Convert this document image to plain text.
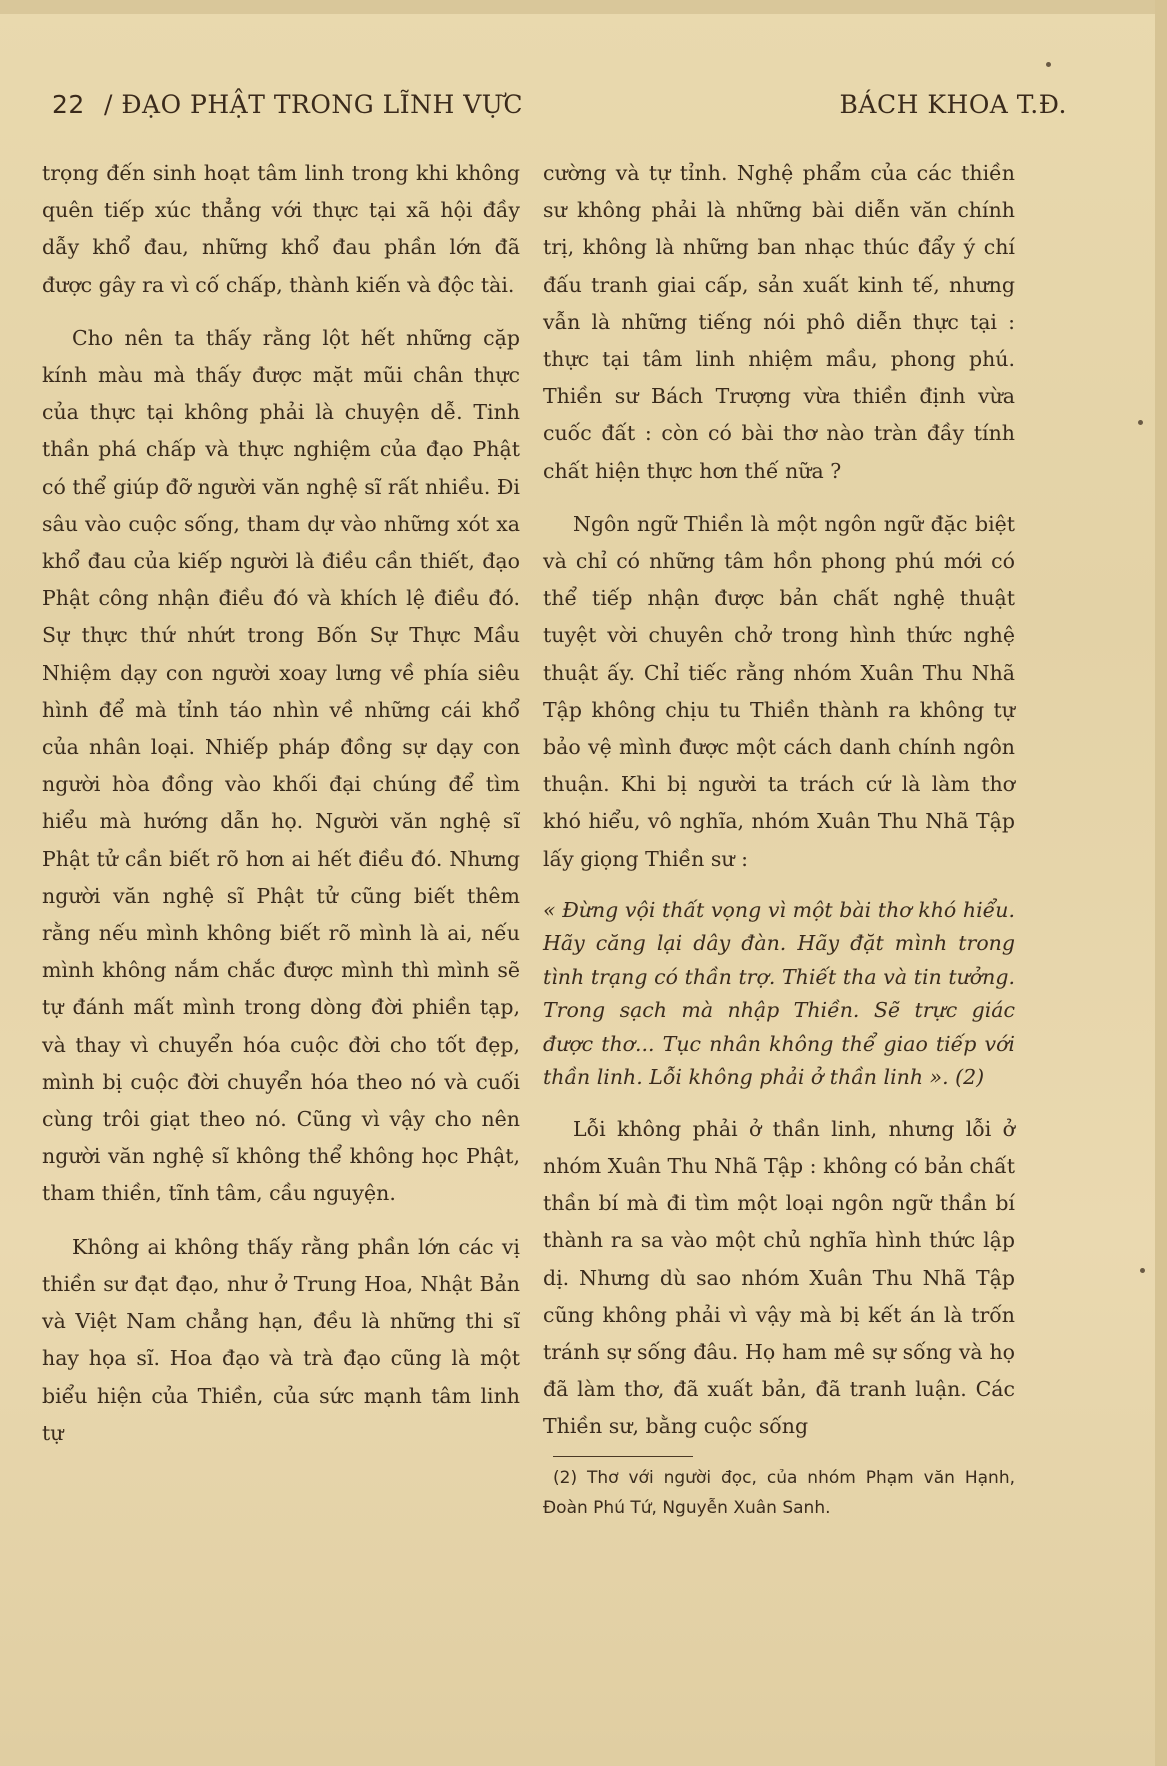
22 / ĐẠO PHẬT TRONG LĨNH VỰC	BÁCH KHOA T.Đ.

trọng đến sinh hoạt tâm linh trong khi không quên tiếp xúc thẳng với thực tại xã hội đầy dẫy khổ đau, những khổ đau phần lớn đã được gây ra vì cố chấp, thành kiến và độc tài.

Cho nên ta thấy rằng lột hết những cặp kính màu mà thấy được mặt mũi chân thực của thực tại không phải là chuyện dễ. Tinh thần phá chấp và thực nghiệm của đạo Phật có thể giúp đỡ người văn nghệ sĩ rất nhiều. Đi sâu vào cuộc sống, tham dự vào những xót xa khổ đau của kiếp người là điều cần thiết, đạo Phật công nhận điều đó và khích lệ điều đó. Sự thực thứ nhứt trong Bốn Sự Thực Mầu Nhiệm dạy con người xoay lưng về phía siêu hình để mà tỉnh táo nhìn về những cái khổ của nhân loại. Nhiếp pháp đồng sự dạy con người hòa đồng vào khối đại chúng để tìm hiểu mà hướng dẫn họ. Người văn nghệ sĩ Phật tử cần biết rõ hơn ai hết điều đó. Nhưng người văn nghệ sĩ Phật tử cũng biết thêm rằng nếu mình không biết rõ mình là ai, nếu mình không nắm chắc được mình thì mình sẽ tự đánh mất mình trong dòng đời phiền tạp, và thay vì chuyển hóa cuộc đời cho tốt đẹp, mình bị cuộc đời chuyển hóa theo nó và cuối cùng trôi giạt theo nó. Cũng vì vậy cho nên người văn nghệ sĩ không thể không học Phật, tham thiền, tĩnh tâm, cầu nguyện.

Không ai không thấy rằng phần lớn các vị thiền sư đạt đạo, như ở Trung Hoa, Nhật Bản và Việt Nam chẳng hạn, đều là những thi sĩ hay họa sĩ. Hoa đạo và trà đạo cũng là một biểu hiện của Thiền, của sức mạnh tâm linh tự

cường và tự tỉnh. Nghệ phẩm của các thiền sư không phải là những bài diễn văn chính trị, không là những ban nhạc thúc đẩy ý chí đấu tranh giai cấp, sản xuất kinh tế, nhưng vẫn là những tiếng nói phô diễn thực tại : thực tại tâm linh nhiệm mầu, phong phú. Thiền sư Bách Trượng vừa thiền định vừa cuốc đất : còn có bài thơ nào tràn đầy tính chất hiện thực hơn thế nữa ?

Ngôn ngữ Thiền là một ngôn ngữ đặc biệt và chỉ có những tâm hồn phong phú mới có thể tiếp nhận được bản chất nghệ thuật tuyệt vời chuyên chở trong hình thức nghệ thuật ấy. Chỉ tiếc rằng nhóm Xuân Thu Nhã Tập không chịu tu Thiền thành ra không tự bảo vệ mình được một cách danh chính ngôn thuận. Khi bị người ta trách cứ là làm thơ khó hiểu, vô nghĩa, nhóm Xuân Thu Nhã Tập lấy giọng Thiền sư :

« Đừng vội thất vọng vì một bài thơ khó hiểu. Hãy căng lại dây đàn. Hãy đặt mình trong tình trạng có thần trợ. Thiết tha và tin tưởng. Trong sạch mà nhập Thiền. Sẽ trực giác được thơ... Tục nhân không thể giao tiếp với thần linh. Lỗi không phải ở thần linh ». (2)

Lỗi không phải ở thần linh, nhưng lỗi ở nhóm Xuân Thu Nhã Tập : không có bản chất thần bí mà đi tìm một loại ngôn ngữ thần bí thành ra sa vào một chủ nghĩa hình thức lập dị. Nhưng dù sao nhóm Xuân Thu Nhã Tập cũng không phải vì vậy mà bị kết án là trốn tránh sự sống đâu. Họ ham mê sự sống và họ đã làm thơ, đã xuất bản, đã tranh luận. Các Thiền sư, bằng cuộc sống

(2) Thơ với người đọc, của nhóm Phạm văn Hạnh, Đoàn Phú Tứ, Nguyễn Xuân Sanh.
